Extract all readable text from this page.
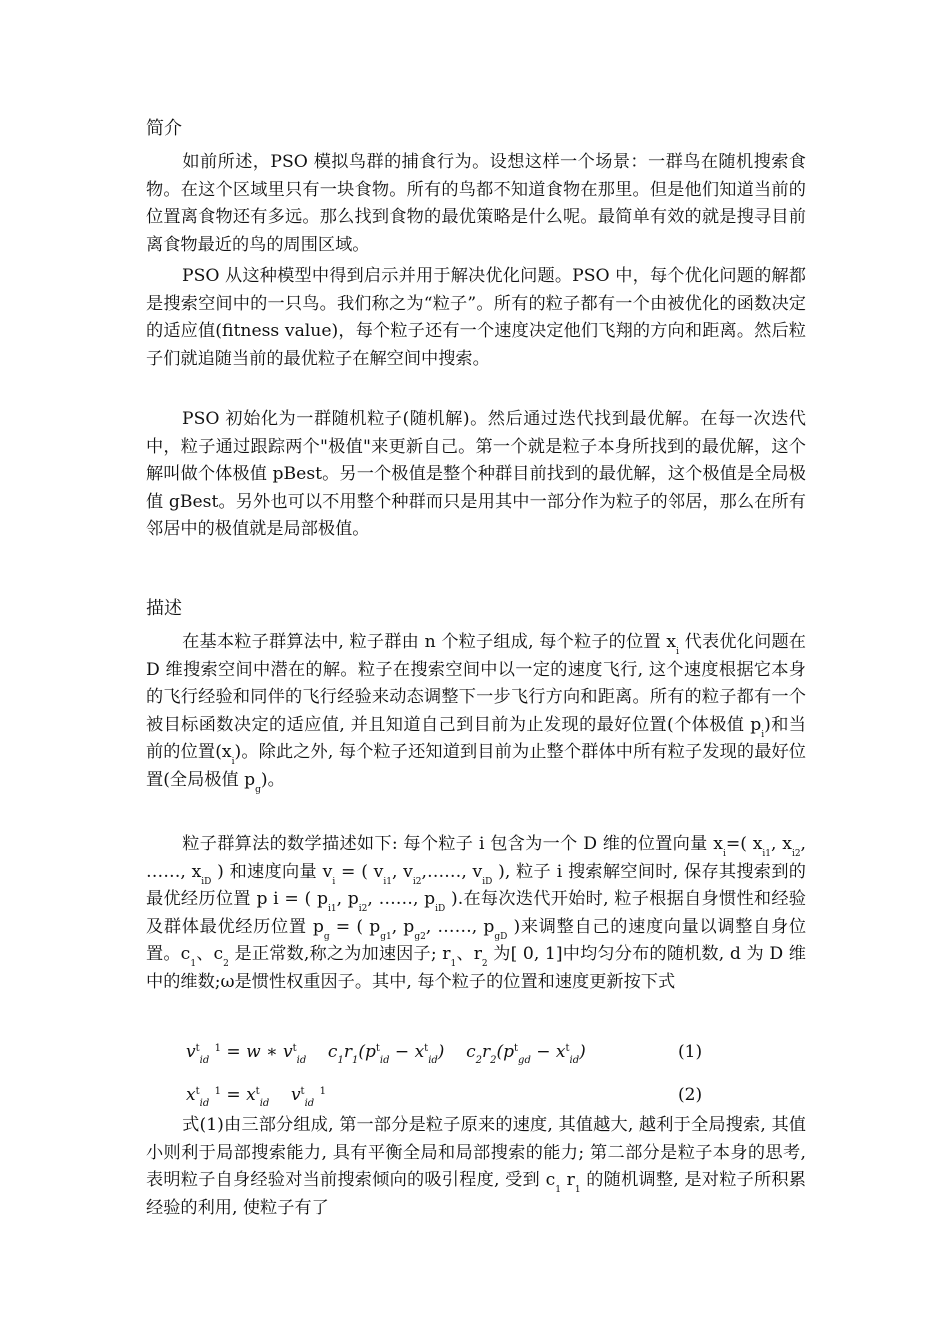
简介

如前所述，PSO 模拟鸟群的捕食行为。设想这样一个场景：一群鸟在随机搜索食物。在这个区域里只有一块食物。所有的鸟都不知道食物在那里。但是他们知道当前的位置离食物还有多远。那么找到食物的最优策略是什么呢。最简单有效的就是搜寻目前离食物最近的鸟的周围区域。

PSO 从这种模型中得到启示并用于解决优化问题。PSO 中，每个优化问题的解都是搜索空间中的一只鸟。我们称之为“粒子”。所有的粒子都有一个由被优化的函数决定的适应值(fitness value)，每个粒子还有一个速度决定他们飞翔的方向和距离。然后粒子们就追随当前的最优粒子在解空间中搜索。

PSO 初始化为一群随机粒子(随机解)。然后通过迭代找到最优解。在每一次迭代中，粒子通过跟踪两个"极值"来更新自己。第一个就是粒子本身所找到的最优解，这个解叫做个体极值 pBest。另一个极值是整个种群目前找到的最优解，这个极值是全局极值 gBest。另外也可以不用整个种群而只是用其中一部分作为粒子的邻居，那么在所有邻居中的极值就是局部极值。

描述

在基本粒子群算法中, 粒子群由 n 个粒子组成, 每个粒子的位置 $x_i$ 代表优化问题在 D 维搜索空间中潜在的解。粒子在搜索空间中以一定的速度飞行, 这个速度根据它本身的飞行经验和同伴的飞行经验来动态调整下一步飞行方向和距离。所有的粒子都有一个被目标函数决定的适应值, 并且知道自己到目前为止发现的最好位置(个体极值 $p_i$)和当前的位置$(x_i)$。除此之外, 每个粒子还知道到目前为止整个群体中所有粒子发现的最好位置(全局极值 $p_g$)。

粒子群算法的数学描述如下: 每个粒子 i 包含为一个 D 维的位置向量 $x_i=$( $x_{i1}$, $x_{i2}$, ……, $x_{iD}$ ) 和速度向量 $v_i$ = ( $v_{i1}$, $v_{i2},\dots\dots$, $v_{iD}$ ), 粒子 i 搜索解空间时, 保存其搜索到的最优经历位置 p i = ( $p_{i1}$, $p_{i2}$, ……, $p_{iD}$ ).在每次迭代开始时, 粒子根据自身惯性和经验及群体最优经历位置 $p_g$ = ( $p_{g1}$, $p_{g2}$, ……, $p_{gD}$ )来调整自己的速度向量以调整自身位置。$c_1$、$c_2$ 是正常数,称之为加速因子; $r_1$、$r_2$ 为[ 0, 1]中均匀分布的随机数, d 为 D 维中的维数;ω是惯性权重因子。其中, 每个粒子的位置和速度更新按下式

$v^t_{id}$ $^1$ = w ∗ $v^t_{id}$ $c_1r_1(p^t_{id} - x^t_{id}) c_2r_2(p^t_{gd} - x^t_{id})$	(1)
$x^t_{id}$ $^1 = x^t_{id}$ $v^t_{id}$ $^1$	(2)

式(1)由三部分组成, 第一部分是粒子原来的速度, 其值越大, 越利于全局搜索, 其值小则利于局部搜索能力, 具有平衡全局和局部搜索的能力; 第二部分是粒子本身的思考, 表明粒子自身经验对当前搜索倾向的吸引程度, 受到 $c_1$ $r_1$ 的随机调整, 是对粒子所积累经验的利用, 使粒子有了
